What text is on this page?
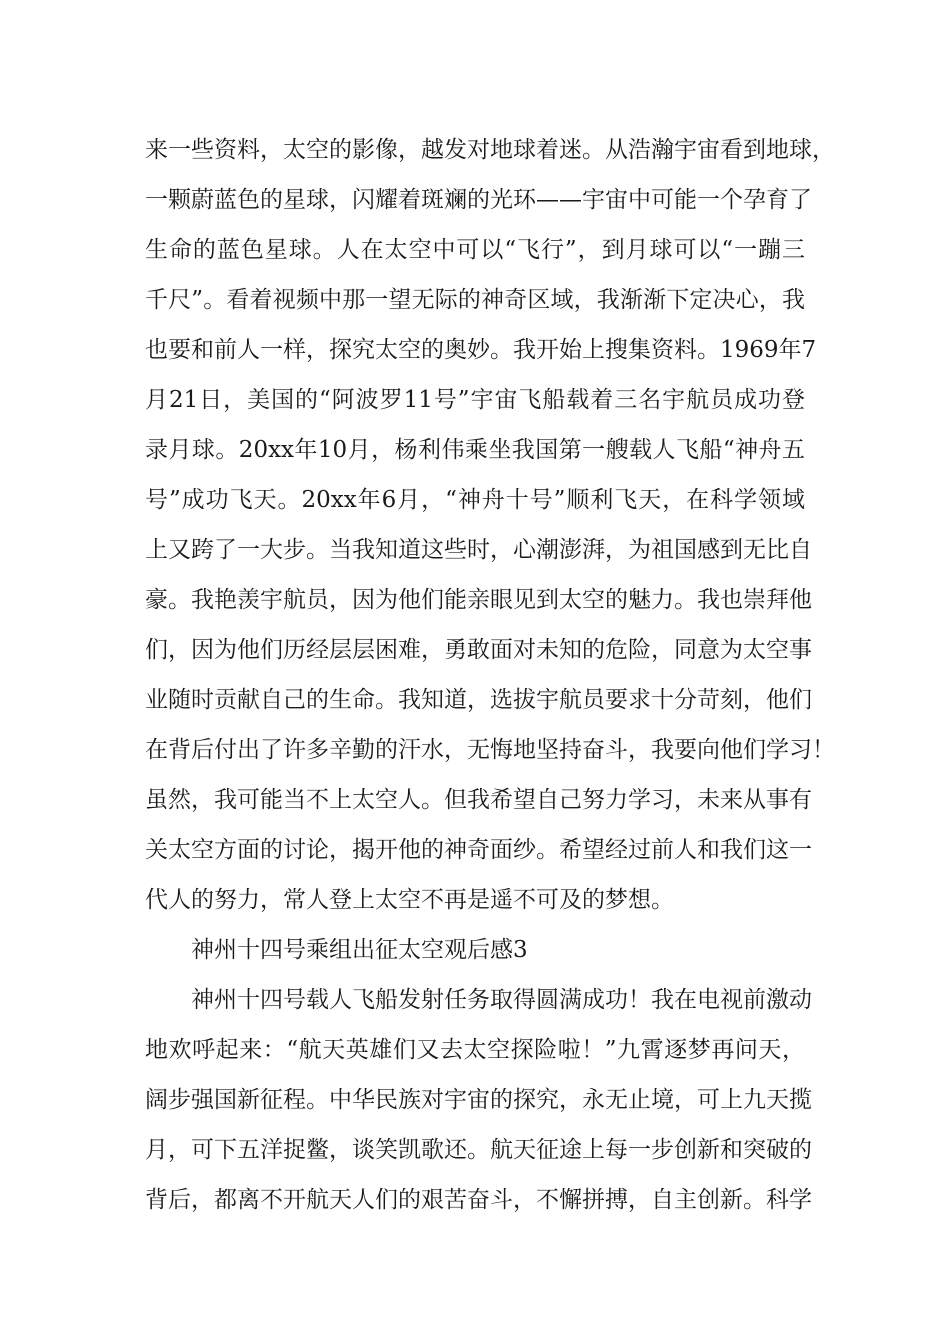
来一些资料，太空的影像，越发对地球着迷。从浩瀚宇宙看到地球，
一颗蔚蓝色的星球，闪耀着斑斓的光环——宇宙中可能一个孕育了
生命的蓝色星球。人在太空中可以“飞行”，到月球可以“一蹦三
千尺”。看着视频中那一望无际的神奇区域，我渐渐下定决心，我
也要和前人一样，探究太空的奥妙。我开始上搜集资料。1969年7
月21日，美国的“阿波罗11号”宇宙飞船载着三名宇航员成功登
录月球。20xx年10月，杨利伟乘坐我国第一艘载人飞船“神舟五
号”成功飞天。20xx年6月，“神舟十号”顺利飞天，在科学领域
上又跨了一大步。当我知道这些时，心潮澎湃，为祖国感到无比自
豪。我艳羡宇航员，因为他们能亲眼见到太空的魅力。我也崇拜他
们，因为他们历经层层困难，勇敢面对未知的危险，同意为太空事
业随时贡献自己的生命。我知道，选拔宇航员要求十分苛刻，他们
在背后付出了许多辛勤的汗水，无悔地坚持奋斗，我要向他们学习！
虽然，我可能当不上太空人。但我希望自己努力学习，未来从事有
关太空方面的讨论，揭开他的神奇面纱。希望经过前人和我们这一
代人的努力，常人登上太空不再是遥不可及的梦想。
神州十四号乘组出征太空观后感3
神州十四号载人飞船发射任务取得圆满成功！我在电视前激动
地欢呼起来：“航天英雄们又去太空探险啦！”九霄逐梦再问天，
阔步强国新征程。中华民族对宇宙的探究，永无止境，可上九天揽
月，可下五洋捉鳖，谈笑凯歌还。航天征途上每一步创新和突破的
背后，都离不开航天人们的艰苦奋斗，不懈拼搏，自主创新。科学
